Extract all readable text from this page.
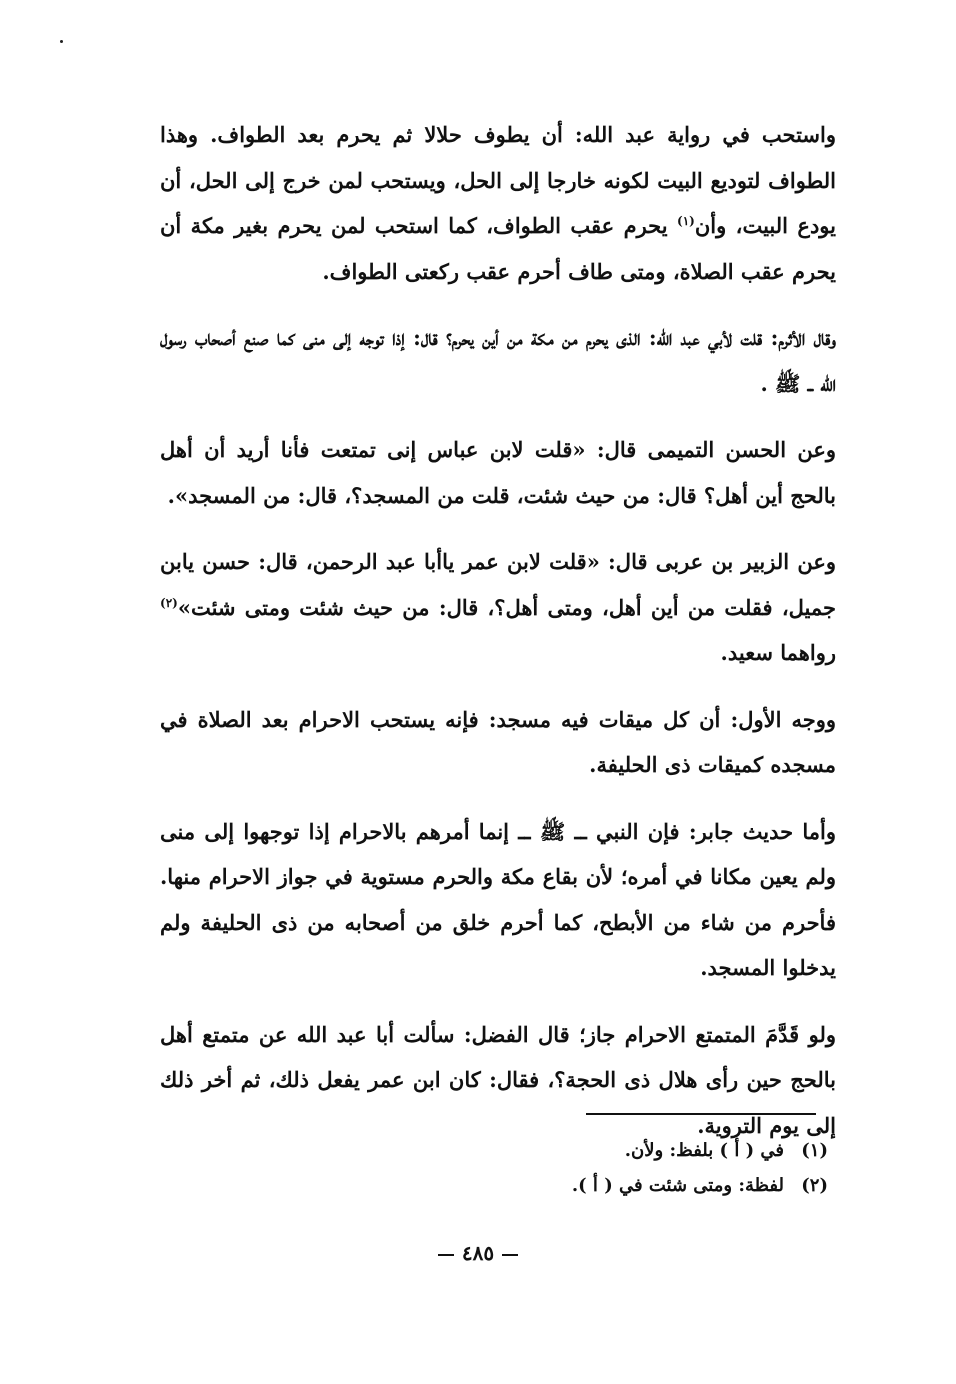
واستحب في رواية عبد الله: أن يطوف حلالا ثم يحرم بعد الطواف. وهذا الطواف لتوديع البيت لكونه خارجا إلى الحل، ويستحب لمن خرج إلى الحل، أن يودع البيت، وأن$^{(١)}$ يحرم عقب الطواف، كما استحب لمن يحرم بغير مكة أن يحرم عقب الصلاة، ومتى طاف أحرم عقب ركعتى الطواف.

وقال الأثرم: قلت لأبي عبد الله: الذى يحرم من مكة من أين يحرم؟ قال: إذا توجه إلى منى كما صنع أصحاب رسول الله ــ ﷺ .

وعن الحسن التميمى قال: «قلت لابن عباس إنى تمتعت فأنا أريد أن أهل بالحج أين أهل؟ قال: من حيث شئت، قلت من المسجد؟، قال: من المسجد».

وعن الزبير بن عربى قال: «قلت لابن عمر ياأبا عبد الرحمن، قال: حسن يابن جميل، فقلت من أين أهل، ومتى أهل؟، قال: من حيث شئت ومتى شئت»$^{(٢)}$ رواهما سعيد.

ووجه الأول: أن كل ميقات فيه مسجد: فإنه يستحب الاحرام بعد الصلاة في مسجده كميقات ذى الحليفة.

وأما حديث جابر: فإن النبي ــ ﷺ ــ إنما أمرهم بالاحرام إذا توجهوا إلى منى ولم يعين مكانا في أمره؛ لأن بقاع مكة والحرم مستوية في جواز الاحرام منها. فأحرم من شاء من الأبطح، كما أحرم خلق من أصحابه من ذى الحليفة ولم يدخلوا المسجد.

ولو قَدَّمَ المتمتع الاحرام جاز؛ قال الفضل: سألت أبا عبد الله عن متمتع أهل بالحج حين رأى هلال ذى الحجة؟، فقال: كان ابن عمر يفعل ذلك، ثم أخر ذلك إلى يوم التروية.

(١)في ( أ ) بلفظ: ولأن.
(٢)لفظة: ومتى شئت في ( أ ).
٤٨٥
